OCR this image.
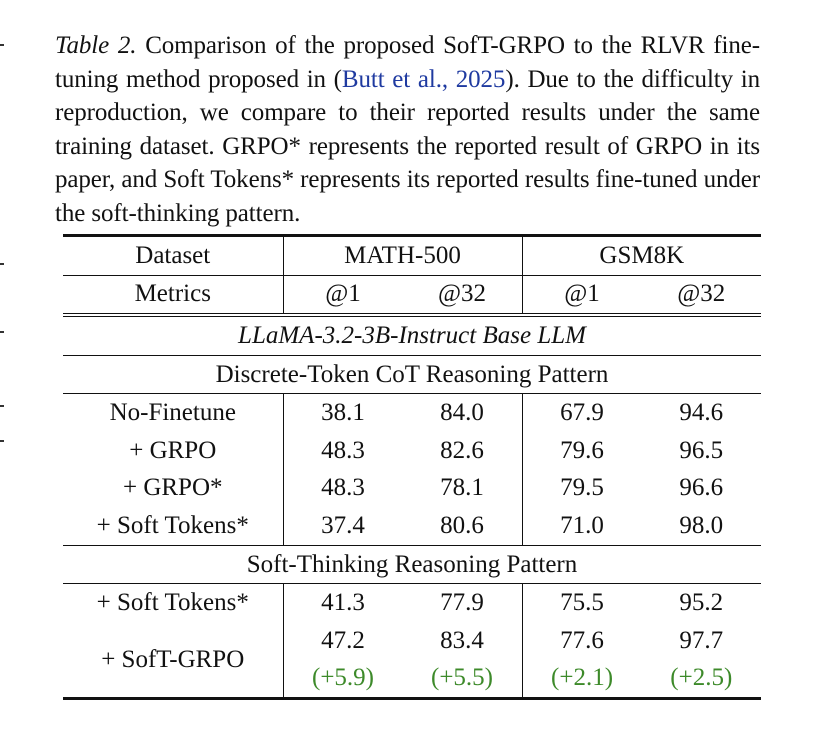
Table 2. Comparison of the proposed SofT-GRPO to the RLVR fine-tuning method proposed in (Butt et al., 2025). Due to the difficulty in reproduction, we compare to their reported results under the same training dataset. GRPO* represents the reported result of GRPO in its paper, and Soft Tokens* represents its reported results fine-tuned under the soft-thinking pattern.
Dataset	MATH-500		GSM8K	
Metrics	@1	@32	@1	@32
LLaMA-3.2-3B-Instruct Base LLM				
Discrete-Token CoT Reasoning Pattern				
No-Finetune	38.1	84.0	67.9	94.6
+ GRPO	48.3	82.6	79.6	96.5
+ GRPO*	48.3	78.1	79.5	96.6
+ Soft Tokens*	37.4	80.6	71.0	98.0
Soft-Thinking Reasoning Pattern				
+ Soft Tokens*	41.3	77.9	75.5	95.2
+ SofT-GRPO	47.2	83.4	77.6	97.7
	(+5.9)	(+5.5)	(+2.1)	(+2.5)
